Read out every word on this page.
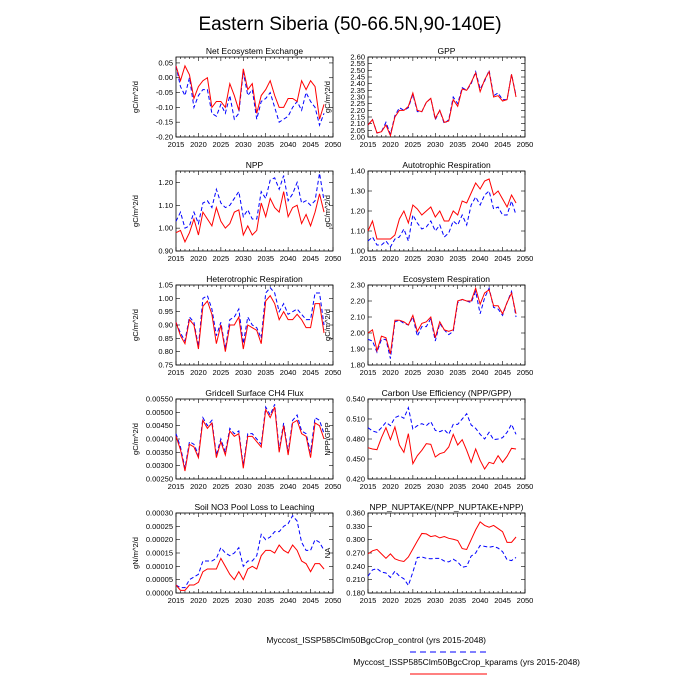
Eastern Siberia (50-66.5N,90-140E)
Net Ecosystem Exchange
gC/m^2/d
2015 2020 2025 2030 2035 2040 2045 2050
-0.20
-0.15
-0.10
-0.05
0.00
0.05
GPP
gC/m^2/d
2015 2020 2025 2030 2035 2040 2045 2050
2.00
2.05
2.10
2.15
2.20
2.25
2.30
2.35
2.40
2.45
2.50
2.55
2.60
NPP
gC/m^2/d
2015 2020 2025 2030 2035 2040 2045 2050
0.90
1.00
1.10
1.20
Autotrophic Respiration
gC/m^2/d
2015 2020 2025 2030 2035 2040 2045 2050
1.00
1.10
1.20
1.30
1.40
Heterotrophic Respiration
gC/m^2/d
2015 2020 2025 2030 2035 2040 2045 2050
0.75
0.80
0.85
0.90
0.95
1.00
1.05
Ecosystem Respiration
gC/m^2/d
2015 2020 2025 2030 2035 2040 2045 2050
1.80
1.90
2.00
2.10
2.20
2.30
Gridcell Surface CH4 Flux
gC/m^2/d
2015 2020 2025 2030 2035 2040 2045 2050
0.00250
0.00300
0.00350
0.00400
0.00450
0.00500
0.00550
Carbon Use Efficiency (NPP/GPP)
NPP/GPP
2015 2020 2025 2030 2035 2040 2045 2050
0.420
0.450
0.480
0.510
0.540
Soil NO3 Pool Loss to Leaching
gN/m^2/d
2015 2020 2025 2030 2035 2040 2045 2050
0.00000
0.00005
0.00010
0.00015
0.00020
0.00025
0.00030
NPP_NUPTAKE/(NPP_NUPTAKE+NPP)
NA
2015 2020 2025 2030 2035 2040 2045 2050
0.180
0.210
0.240
0.270
0.300
0.330
0.360
Myccost_ISSP585Clm50BgcCrop_control (yrs 2015-2048)
Myccost_ISSP585Clm50BgcCrop_kparams (yrs 2015-2048)
